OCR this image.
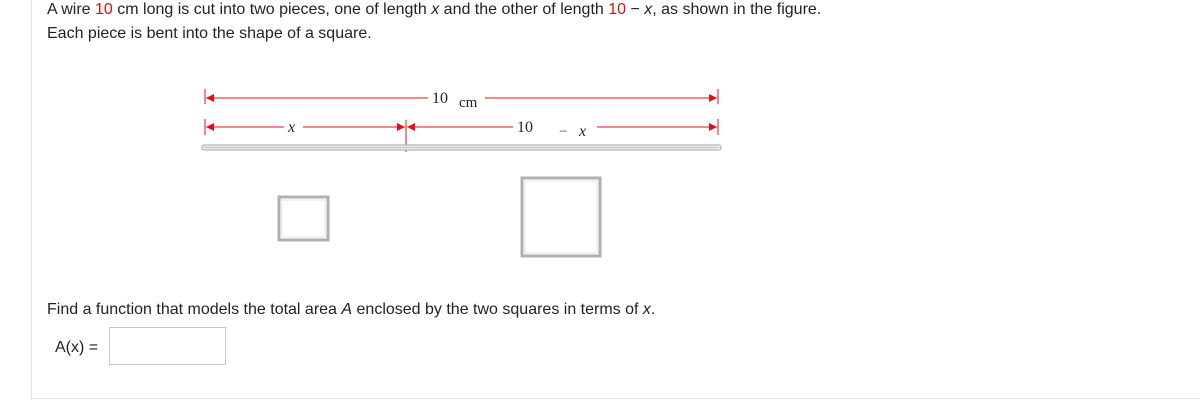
A wire 10 cm long is cut into two pieces, one of length x and the other of length 10 − x, as shown in the figure.
Each piece is bent into the shape of a square.
10 cm
x	10 − x
Find a function that models the total area A enclosed by the two squares in terms of x.
A(x) =
